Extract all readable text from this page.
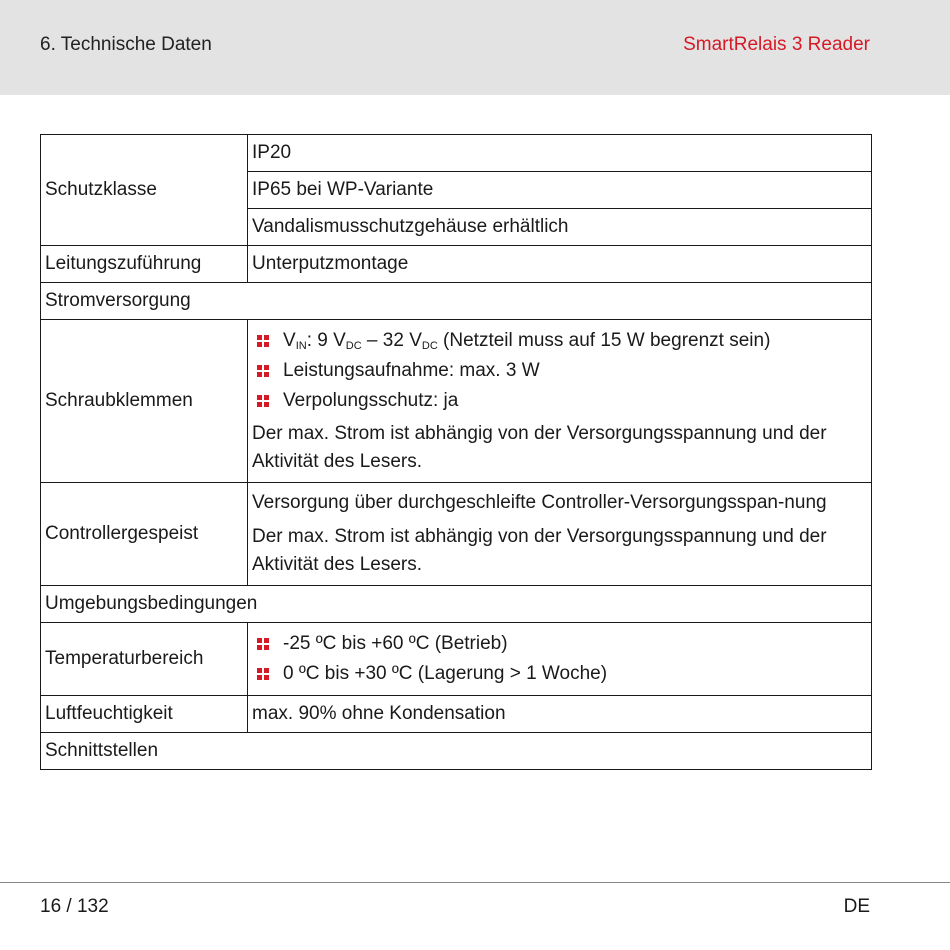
6. Technische Daten	SmartRelais 3 Reader
Schutzklasse	IP20
	IP65 bei WP-Variante
	Vandalismusschutzgehäuse erhältlich
Leitungszuführung	Unterputzmontage
Stromversorgung	
Schraubklemmen	$V_{IN}$: 9 $V_{DC} - 32$ $V_{DC}$ (Netzteil muss auf 15 W begrenzt sein)
Leistungsaufnahme: max. 3 W
Verpolungsschutz: ja
Der max. Strom ist abhängig von der Versorgungsspannung und der Aktivität des Lesers.

Controllergespeist	Versorgung über durchgeschleifte Controller-Versorgungsspan-nung
Der max. Strom ist abhängig von der Versorgungsspannung und der Aktivität des Lesers.

Umgebungsbedingungen	
Temperaturbereich	-25 ºC bis +60 ºC (Betrieb)
0 ºC bis +30 ºC (Lagerung > 1 Woche)

Luftfeuchtigkeit	max. 90% ohne Kondensation
Schnittstellen	
16 / 132	DE
